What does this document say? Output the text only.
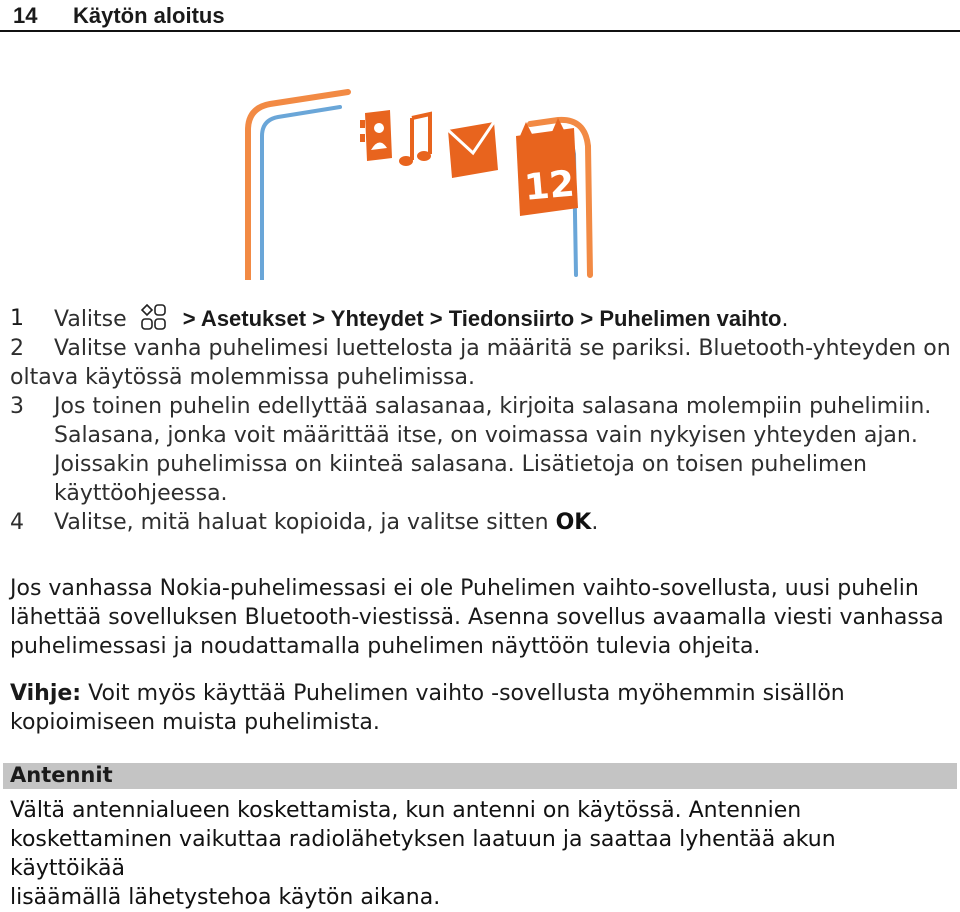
14 Käytön aloitus
12
1 Valitse  > Asetukset > Yhteydet > Tiedonsiirto > Puhelimen vaihto.
2 Valitse vanha puhelimesi luettelosta ja määritä se pariksi. Bluetooth-yhteyden on
oltava käytössä molemmissa puhelimissa.
3 Jos toinen puhelin edellyttää salasanaa, kirjoita salasana molempiin puhelimiin.
Salasana, jonka voit määrittää itse, on voimassa vain nykyisen yhteyden ajan.
Joissakin puhelimissa on kiinteä salasana. Lisätietoja on toisen puhelimen
käyttöohjeessa.
4 Valitse, mitä haluat kopioida, ja valitse sitten OK.
Jos vanhassa Nokia-puhelimessasi ei ole Puhelimen vaihto-sovellusta, uusi puhelin
lähettää sovelluksen Bluetooth-viestissä. Asenna sovellus avaamalla viesti vanhassa
puhelimessasi ja noudattamalla puhelimen näyttöön tulevia ohjeita.
Vihje: Voit myös käyttää Puhelimen vaihto -sovellusta myöhemmin sisällön
kopioimiseen muista puhelimista.
Antennit
Vältä antennialueen koskettamista, kun antenni on käytössä. Antennien
koskettaminen vaikuttaa radiolähetyksen laatuun ja saattaa lyhentää akun käyttöikää
lisäämällä lähetystehoa käytön aikana.
